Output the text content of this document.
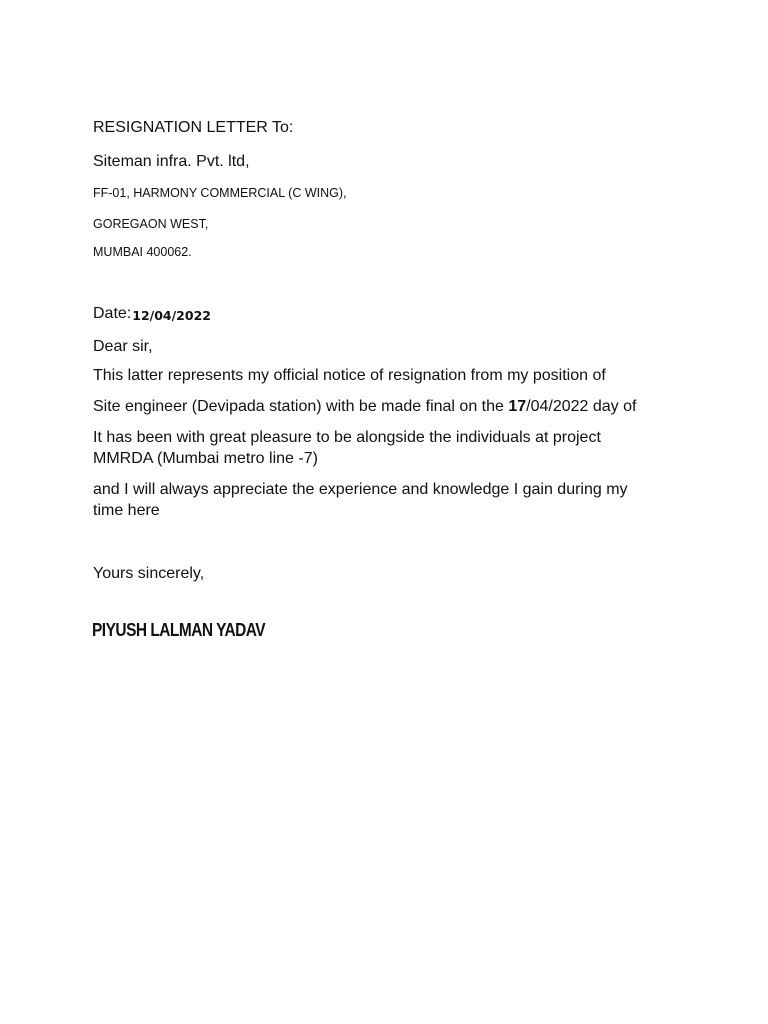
RESIGNATION LETTER To:
Siteman infra. Pvt. ltd,
FF-01, HARMONY COMMERCIAL (C WING),
GOREGAON WEST,
MUMBAI 400062.
Date:12/04/2022
Dear sir,
This latter represents my official notice of resignation from my position of
Site engineer (Devipada station) with be made final on the 17/04/2022 day of
It has been with great pleasure to be alongside the individuals at project
MMRDA (Mumbai metro line -7)
and I will always appreciate the experience and knowledge I gain during my
time here
Yours sincerely,
PIYUSH LALMAN YADAV
